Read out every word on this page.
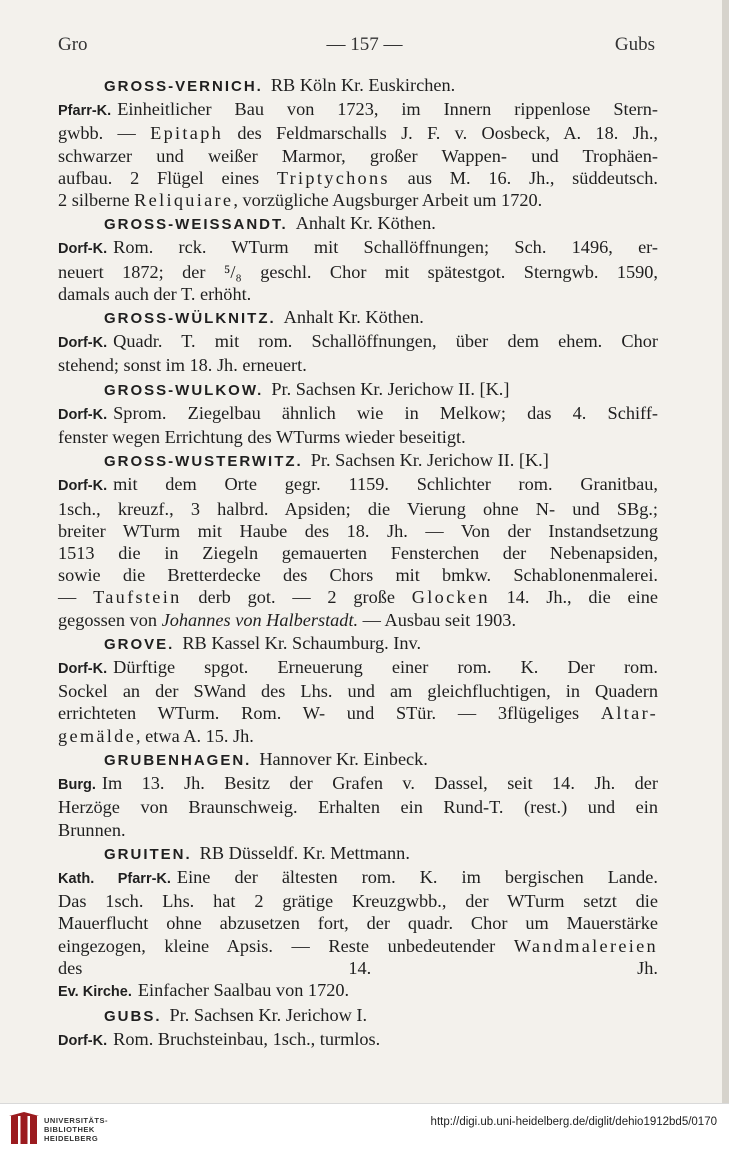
Gro	— 157 —	Gubs
GROSS-VERNICH. RB Köln Kr. Euskirchen.
Pfarr-K. Einheitlicher Bau von 1723, im Innern rippenlose Stern-
gwbb. — Epitaph des Feldmarschalls J. F. v. Oosbeck, A. 18. Jh.,
schwarzer und weißer Marmor, großer Wappen- und Trophäen-
aufbau. 2 Flügel eines Triptychons aus M. 16. Jh., süddeutsch.
2 silberne Reliquiare, vorzügliche Augsburger Arbeit um 1720.
GROSS-WEISSANDT. Anhalt Kr. Köthen.
Dorf-K. Rom. rck. WTurm mit Schallöffnungen; Sch. 1496, er-
neuert 1872; der ⁵/₈ geschl. Chor mit spätestgot. Sterngwb. 1590,
damals auch der T. erhöht.
GROSS-WÜLKNITZ. Anhalt Kr. Köthen.
Dorf-K. Quadr. T. mit rom. Schallöffnungen, über dem ehem. Chor
stehend; sonst im 18. Jh. erneuert.
GROSS-WULKOW. Pr. Sachsen Kr. Jerichow II. [K.]
Dorf-K. Sprom. Ziegelbau ähnlich wie in Melkow; das 4. Schiff-
fenster wegen Errichtung des WTurms wieder beseitigt.
GROSS-WUSTERWITZ. Pr. Sachsen Kr. Jerichow II. [K.]
Dorf-K. mit dem Orte gegr. 1159. Schlichter rom. Granitbau,
1sch., kreuzf., 3 halbrd. Apsiden; die Vierung ohne N- und SBg.;
breiter WTurm mit Haube des 18. Jh. — Von der Instandsetzung
1513 die in Ziegeln gemauerten Fensterchen der Nebenapsiden,
sowie die Bretterdecke des Chors mit bmkw. Schablonenmalerei.
— Taufstein derb got. — 2 große Glocken 14. Jh., die eine
gegossen von Johannes von Halberstadt. — Ausbau seit 1903.
GROVE. RB Kassel Kr. Schaumburg. Inv.
Dorf-K. Dürftige spgot. Erneuerung einer rom. K. Der rom.
Sockel an der SWand des Lhs. und am gleichfluchtigen, in Quadern
errichteten WTurm. Rom. W- und STür. — 3flügeliges Altar-
gemälde, etwa A. 15. Jh.
GRUBENHAGEN. Hannover Kr. Einbeck.
Burg. Im 13. Jh. Besitz der Grafen v. Dassel, seit 14. Jh. der
Herzöge von Braunschweig. Erhalten ein Rund-T. (rest.) und ein
Brunnen.
GRUITEN. RB Düsseldf. Kr. Mettmann.
Kath. Pfarr-K. Eine der ältesten rom. K. im bergischen Lande.
Das 1sch. Lhs. hat 2 grätige Kreuzgwbb., der WTurm setzt die
Mauerflucht ohne abzusetzen fort, der quadr. Chor um Mauerstärke
eingezogen, kleine Apsis. — Reste unbedeutender Wandmalereien
des 14. Jh.
Ev. Kirche. Einfacher Saalbau von 1720.
GUBS. Pr. Sachsen Kr. Jerichow I.
Dorf-K. Rom. Bruchsteinbau, 1sch., turmlos.
UNIVERSITÄTS-
BIBLIOTHEK
HEIDELBERG
http://digi.ub.uni-heidelberg.de/diglit/dehio1912bd5/0170
